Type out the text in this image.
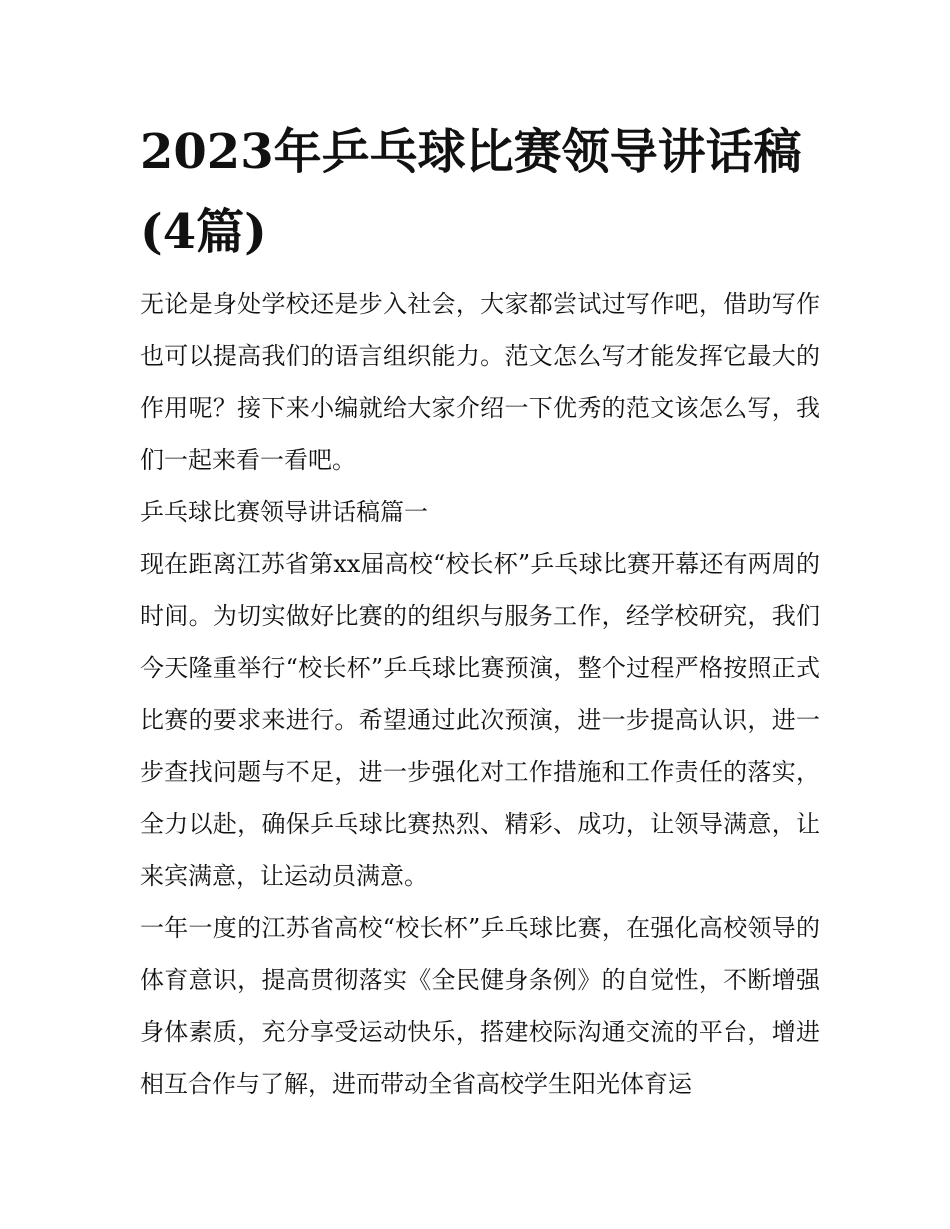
2023年乒乓球比赛领导讲话稿(4篇)

无论是身处学校还是步入社会，大家都尝试过写作吧，借助写作也可以提高我们的语言组织能力。范文怎么写才能发挥它最大的作用呢？接下来小编就给大家介绍一下优秀的范文该怎么写，我们一起来看一看吧。

乒乓球比赛领导讲话稿篇一

现在距离江苏省第xx届高校“校长杯”乒乓球比赛开幕还有两周的时间。为切实做好比赛的的组织与服务工作，经学校研究，我们今天隆重举行“校长杯”乒乓球比赛预演，整个过程严格按照正式比赛的要求来进行。希望通过此次预演，进一步提高认识，进一步查找问题与不足，进一步强化对工作措施和工作责任的落实，全力以赴，确保乒乓球比赛热烈、精彩、成功，让领导满意，让来宾满意，让运动员满意。

一年一度的江苏省高校“校长杯”乒乓球比赛，在强化高校领导的体育意识，提高贯彻落实《全民健身条例》的自觉性，不断增强身体素质，充分享受运动快乐，搭建校际沟通交流的平台，增进相互合作与了解，进而带动全省高校学生阳光体育运
